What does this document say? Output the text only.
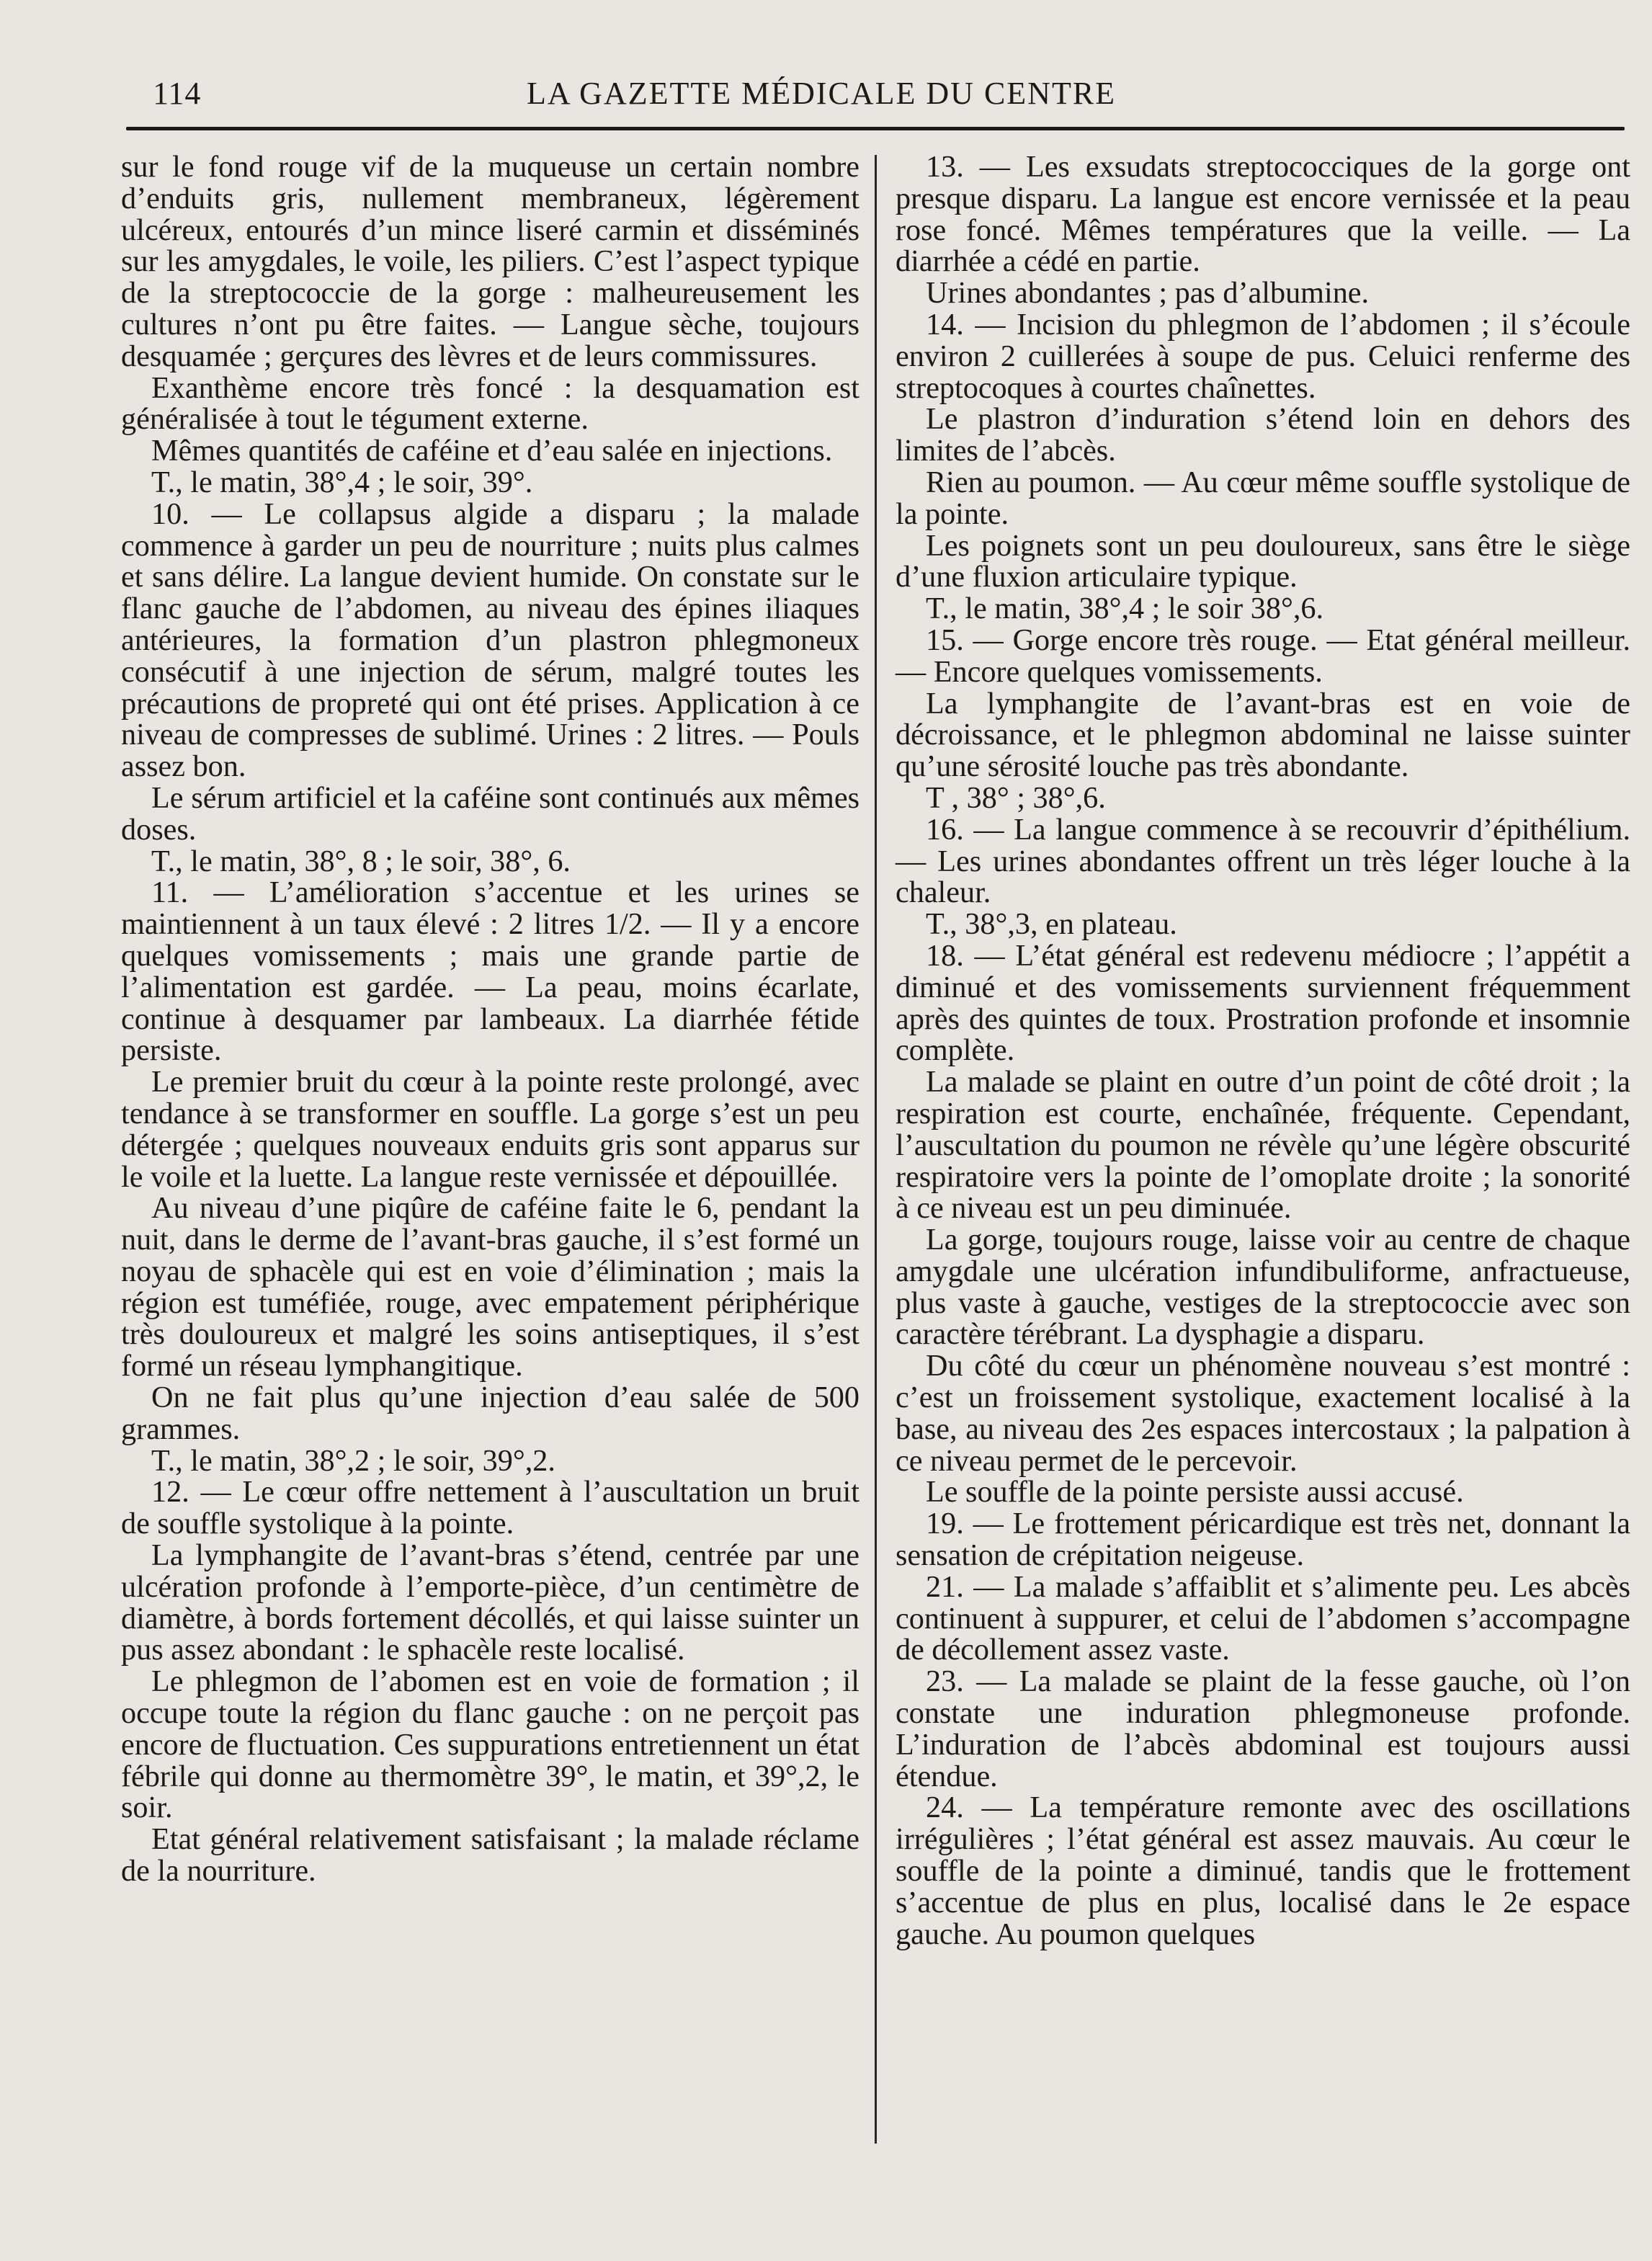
114	LA GAZETTE MÉDICALE DU CENTRE

sur le fond rouge vif de la muqueuse un certain nombre d’enduits gris, nullement membraneux, légèrement ulcéreux, entourés d’un mince liseré carmin et disséminés sur les amygdales, le voile, les piliers. C’est l’aspect typique de la streptococcie de la gorge : malheureusement les cultures n’ont pu être faites. — Langue sèche, toujours desquamée ; gerçures des lèvres et de leurs commissures.

Exanthème encore très foncé : la desquamation est généralisée à tout le tégument externe.

Mêmes quantités de caféine et d’eau salée en injections.

T., le matin, 38°,4 ; le soir, 39°.

10. — Le collapsus algide a disparu ; la malade commence à garder un peu de nourriture ; nuits plus calmes et sans délire. La langue devient humide. On constate sur le flanc gauche de l’abdomen, au niveau des épines iliaques antérieures, la formation d’un plastron phlegmoneux consécutif à une injection de sérum, malgré toutes les précautions de propreté qui ont été prises. Application à ce niveau de compresses de sublimé. Urines : 2 litres. — Pouls assez bon.

Le sérum artificiel et la caféine sont continués aux mêmes doses.

T., le matin, 38°, 8 ; le soir, 38°, 6.

11. — L’amélioration s’accentue et les urines se maintiennent à un taux élevé : 2 litres 1/2. — Il y a encore quelques vomissements ; mais une grande partie de l’alimentation est gardée. — La peau, moins écarlate, continue à desquamer par lambeaux. La diarrhée fétide persiste.

Le premier bruit du cœur à la pointe reste prolongé, avec tendance à se transformer en souffle. La gorge s’est un peu détergée ; quelques nouveaux enduits gris sont apparus sur le voile et la luette. La langue reste vernissée et dépouillée.

Au niveau d’une piqûre de caféine faite le 6, pendant la nuit, dans le derme de l’avant-bras gauche, il s’est formé un noyau de sphacèle qui est en voie d’élimination ; mais la région est tuméfiée, rouge, avec empatement périphérique très douloureux et malgré les soins antiseptiques, il s’est formé un réseau lymphangitique.

On ne fait plus qu’une injection d’eau salée de 500 grammes.

T., le matin, 38°,2 ; le soir, 39°,2.

12. — Le cœur offre nettement à l’auscultation un bruit de souffle systolique à la pointe.

La lymphangite de l’avant-bras s’étend, centrée par une ulcération profonde à l’emporte-pièce, d’un centimètre de diamètre, à bords fortement décollés, et qui laisse suinter un pus assez abondant : le sphacèle reste localisé.

Le phlegmon de l’abomen est en voie de formation ; il occupe toute la région du flanc gauche : on ne perçoit pas encore de fluctuation. Ces suppurations entretiennent un état fébrile qui donne au thermomètre 39°, le matin, et 39°,2, le soir.

Etat général relativement satisfaisant ; la malade réclame de la nourriture.

13. — Les exsudats streptococciques de la gorge ont presque disparu. La langue est encore vernissée et la peau rose foncé. Mêmes températures que la veille. — La diarrhée a cédé en partie.

Urines abondantes ; pas d’albumine.

14. — Incision du phlegmon de l’abdomen ; il s’écoule environ 2 cuillerées à soupe de pus. Celuici renferme des streptocoques à courtes chaînettes.

Le plastron d’induration s’étend loin en dehors des limites de l’abcès.

Rien au poumon. — Au cœur même souffle systolique de la pointe.

Les poignets sont un peu douloureux, sans être le siège d’une fluxion articulaire typique.

T., le matin, 38°,4 ; le soir 38°,6.

15. — Gorge encore très rouge. — Etat général meilleur. — Encore quelques vomissements.

La lymphangite de l’avant-bras est en voie de décroissance, et le phlegmon abdominal ne laisse suinter qu’une sérosité louche pas très abondante.

T , 38° ; 38°,6.

16. — La langue commence à se recouvrir d’épithélium. — Les urines abondantes offrent un très léger louche à la chaleur.

T., 38°,3, en plateau.

18. — L’état général est redevenu médiocre ; l’appétit a diminué et des vomissements surviennent fréquemment après des quintes de toux. Prostration profonde et insomnie complète.

La malade se plaint en outre d’un point de côté droit ; la respiration est courte, enchaînée, fréquente. Cependant, l’auscultation du poumon ne révèle qu’une légère obscurité respiratoire vers la pointe de l’omoplate droite ; la sonorité à ce niveau est un peu diminuée.

La gorge, toujours rouge, laisse voir au centre de chaque amygdale une ulcération infundibuliforme, anfractueuse, plus vaste à gauche, vestiges de la streptococcie avec son caractère térébrant. La dysphagie a disparu.

Du côté du cœur un phénomène nouveau s’est montré : c’est un froissement systolique, exactement localisé à la base, au niveau des 2es espaces intercostaux ; la palpation à ce niveau permet de le percevoir.

Le souffle de la pointe persiste aussi accusé.

19. — Le frottement péricardique est très net, donnant la sensation de crépitation neigeuse.

21. — La malade s’affaiblit et s’alimente peu. Les abcès continuent à suppurer, et celui de l’abdomen s’accompagne de décollement assez vaste.

23. — La malade se plaint de la fesse gauche, où l’on constate une induration phlegmoneuse profonde. L’induration de l’abcès abdominal est toujours aussi étendue.

24. — La température remonte avec des oscillations irrégulières ; l’état général est assez mauvais. Au cœur le souffle de la pointe a diminué, tandis que le frottement s’accentue de plus en plus, localisé dans le 2e espace gauche. Au poumon quelques
